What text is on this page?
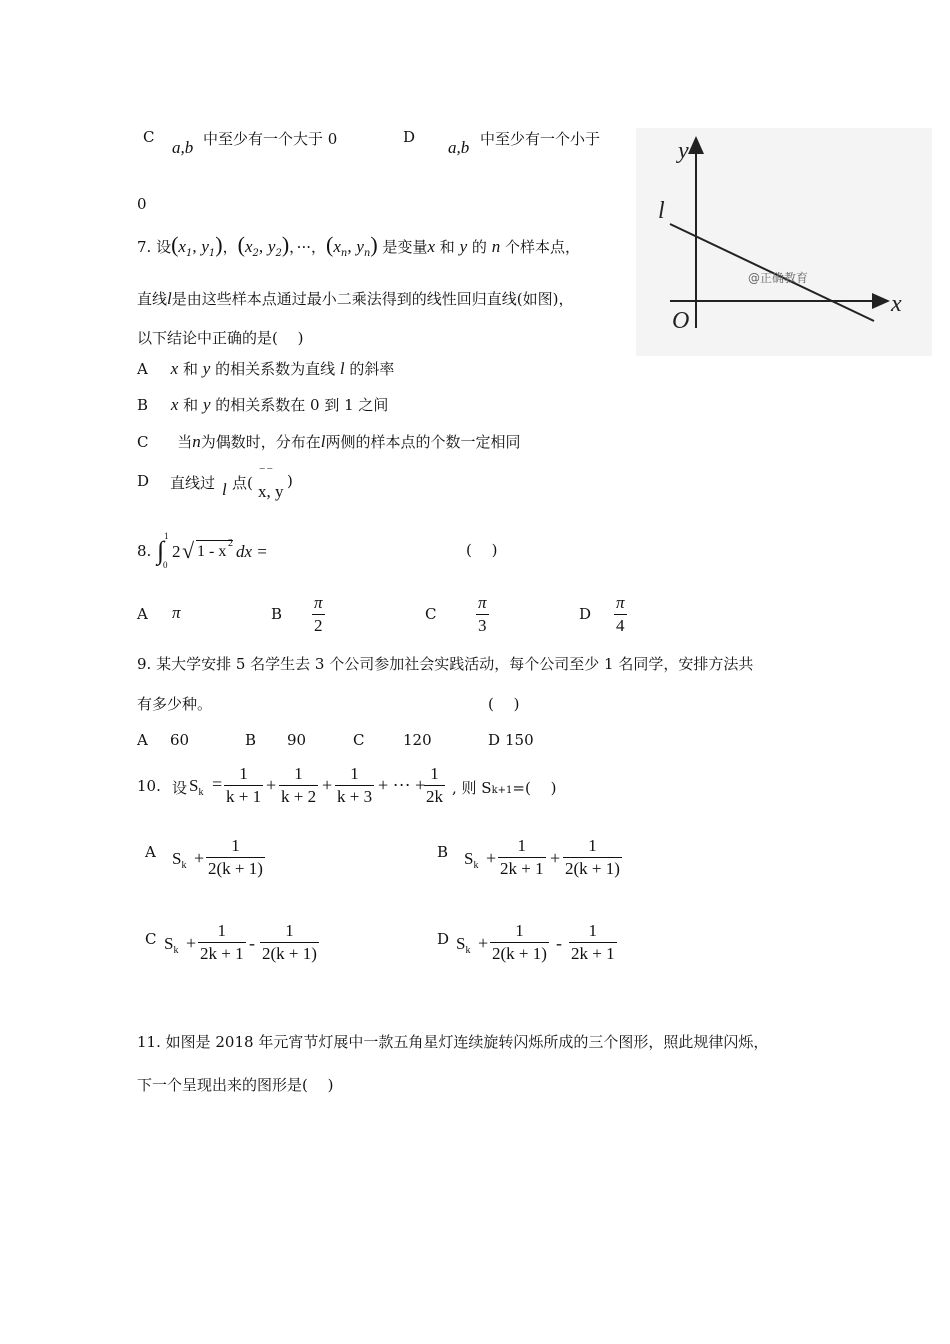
C
a,b 中至少有一个大于 0	D
a,b 中至少有一个小于
0
y
x
O
l
@正确教育
7. 设($x_1$, $y_1$)，($x_2$, $y_2$)，···，($x_n$, $y_n$) 是变量x 和 y 的 n 个样本点，
直线l是由这些样本点通过最小二乘法得到的线性回归直线(如图)，
以下结论中正确的是(　 )
A x 和 y 的相关系数为直线 l 的斜率
B x 和 y 的相关系数在 0 到 1 之间
C 当n为偶数时，分布在l两侧的样本点的个数一定相同
D 直线过 l 点(
‾ ‾
x, y
)
8. ∫ 1
0
2 √ 1 - x 2 dx =	(　 )
A π	B $\frac{\pi}{2}$	C $\frac{\pi}{3}$	D $\frac{\pi}{4}$
9. 某大学安排 5 名学生去 3 个公司参加社会实践活动，每个公司至少 1 名同学，安排方法共
有多少种。	(　 )
A 60	B 90	C	120	D 150
10. 设 $S_k = \frac{1}{k + 1} + \frac{1}{k + 2} + \frac{1}{k + 3}$ + ··· +
$\frac{1}{2k}$ , 则 Sk+1=(　 )
A $S_k + \frac{1}{2(k + 1)}$	B $S_k + \frac{1}{2k + 1} + \frac{1}{2(k + 1)}$
C $S_k + \frac{1}{2k + 1} - \frac{1}{2(k + 1)}$	D $S_k + \frac{1}{2(k + 1)} - \frac{1}{2k + 1}$
11. 如图是 2018 年元宵节灯展中一款五角星灯连续旋转闪烁所成的三个图形，照此规律闪烁，
下一个呈现出来的图形是(　 )
